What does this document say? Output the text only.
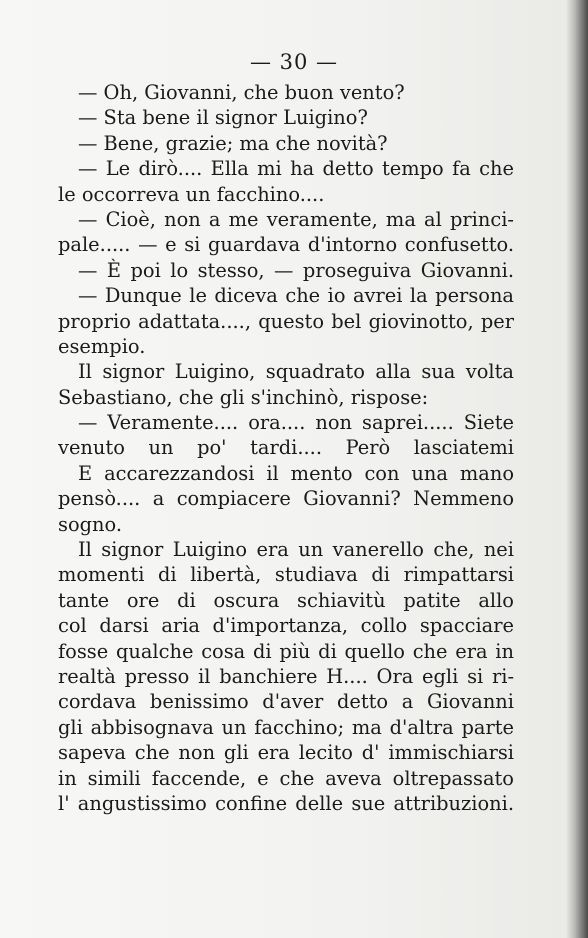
— 30 —
— Oh, Giovanni, che buon vento?
— Sta bene il signor Luigino?
— Bene, grazie; ma che novità?
— Le dirò.... Ella mi ha detto tempo fa che
le occorreva un facchino....
— Cioè, non a me veramente, ma al princi-
pale..... — e si guardava d'intorno confusetto.
— È poi lo stesso, — proseguiva Giovanni.
— Dunque le diceva che io avrei la persona
proprio adattata...., questo bel giovinotto, per
esempio.
Il signor Luigino, squadrato alla sua volta
Sebastiano, che gli s'inchinò, rispose:
— Veramente.... ora.... non saprei..... Siete
venuto un po' tardi.... Però lasciatemi
E accarezzandosi il mento con una mano
pensò.... a compiacere Giovanni? Nemmeno
sogno.
Il signor Luigino era un vanerello che, nei
momenti di libertà, studiava di rimpattarsi
tante ore di oscura schiavitù patite allo
col darsi aria d'importanza, collo spacciare
fosse qualche cosa di più di quello che era in
realtà presso il banchiere H.... Ora egli si ri-
cordava benissimo d'aver detto a Giovanni
gli abbisognava un facchino; ma d'altra parte
sapeva che non gli era lecito d' immischiarsi
in simili faccende, e che aveva oltrepassato
l' angustissimo confine delle sue attribuzioni.
